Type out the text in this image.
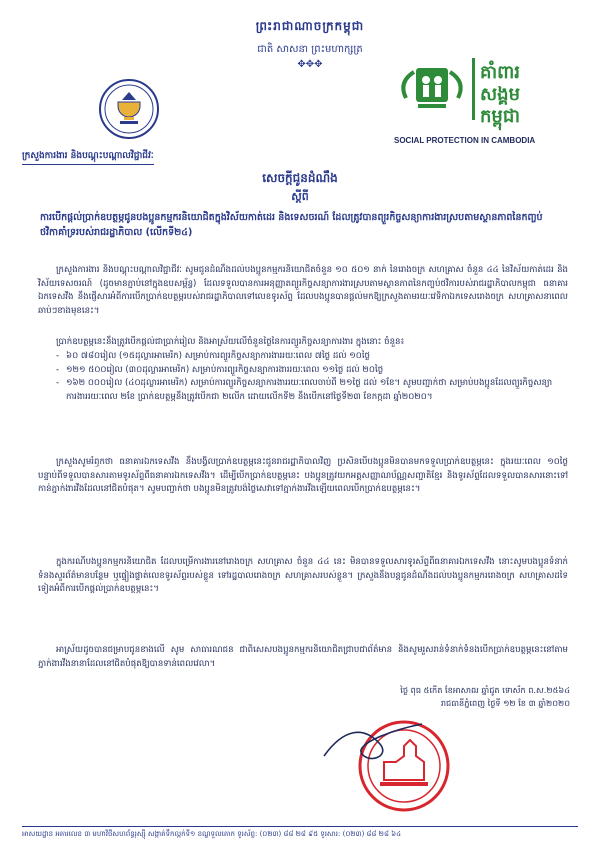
ព្រះរាជាណាចក្រកម្ពុជា
ជាតិ សាសនា ព្រះមហាក្សត្រ
✥✥✥
ក្រសួងការងារ និងបណ្តុះបណ្តាលវិជ្ជាជីវៈ
គាំពារ
សង្គម
កម្ពុជា
SOCIAL PROTECTION IN CAMBODIA
សេចក្តីជូនដំណឹង
ស្តីពី
ការបើកផ្តល់ប្រាក់ឧបត្ថម្ភជូនបងប្អូនកម្មករនិយោជិតក្នុងវិស័យកាត់ដេរ និងទេសចរណ៍ ដែលត្រូវបានព្យួរកិច្ចសន្យាការងារស្របតាមស្ថានភាពនៃកញ្ចប់ថវិកាគាំទ្ររបស់រាជរដ្ឋាភិបាល (លើកទី២៤)
ក្រសួងការងារ និងបណ្តុះបណ្តាលវិជ្ជាជីវៈ សូមជូនដំណឹងដល់បងប្អូនកម្មករនិយោជិតចំនួន ១០ ៥០១ នាក់ នៃរោងចក្រ សហគ្រាស ចំនួន ៤៤ នៃវិស័យកាត់ដេរ និងវិស័យទេសចរណ៍ (ដូចមានភ្ជាប់នៅក្នុងឧបសម្ព័ន្ធ) ដែលទទួលបានការអនុញ្ញាតព្យួរកិច្ចសន្យាការងារស្របតាមស្ថានភាពនៃកញ្ចប់ថវិការបស់រាជរដ្ឋាភិបាលកម្ពុជា ធនាគារឯកទេសវីង នឹងផ្ញើសារអំពីការបើកប្រាក់ឧបត្ថម្ភរបស់រាជរដ្ឋាភិបាលទៅលេខទូរស័ព្ទ ដែលបងប្អូនបានផ្តល់មកឱ្យក្រសួងតាមរយៈវេទិកាឯកទេសរោងចក្រ សហគ្រាសនាពេលឆាប់ៗខាងមុខនេះ។
ប្រាក់ឧបត្ថម្ភនេះនឹងត្រូវបើកផ្តល់ជាប្រាក់រៀល និងអាស្រ័យលើចំនួនថ្ងៃនៃការព្យួរកិច្ចសន្យាការងារ ក្នុងនោះ ចំនួន៖
- ៦០ ៧៨០រៀល (១៥ដុល្លារអាមេរិក) សម្រាប់ការព្យួរកិច្ចសន្យាការងាររយៈពេល ៧ថ្ងៃ ដល់ ១០ថ្ងៃ
- ១២១ ៥០០រៀល (៣០ដុល្លារអាមេរិក) សម្រាប់ការព្យួរកិច្ចសន្យាការងាររយៈពេល ១១ថ្ងៃ ដល់ ២០ថ្ងៃ
- ១៦២ ០០០រៀល (៤០ដុល្លារអាមេរិក) សម្រាប់ការព្យួរកិច្ចសន្យាការងាររយៈពេលចាប់ពី ២១ថ្ងៃ ដល់ ១ខែ។ សូមបញ្ជាក់ថា សម្រាប់បងប្អូនដែលព្យួរកិច្ចសន្យាការងាររយៈពេល ២ខែ ប្រាក់ឧបត្ថម្ភនឹងត្រូវបើកជា ២លើក ដោយលើកទី២ នឹងបើកនៅថ្ងៃទី២៣ ខែកក្កដា ឆ្នាំ២០២០។
ក្រសួងសូមរំឭកថា ធនាគារឯកទេសវីង នឹងបង្វិលប្រាក់ឧបត្ថម្ភនេះជូនរាជរដ្ឋាភិបាលវិញ ប្រសិនបើបងប្អូនមិនបានមកទទួលប្រាក់ឧបត្ថម្ភនេះ ក្នុងរយៈពេល ១០ថ្ងៃ បន្ទាប់ពីទទួលបានសារតាមទូរស័ព្ទពីធនាគារឯកទេសវីង។ ដើម្បីបើកប្រាក់ឧបត្ថម្ភនេះ បងប្អូនត្រូវយកអត្តសញ្ញាណប័ណ្ណសញ្ជាតិខ្មែរ និងទូរស័ព្ទដែលទទួលបានសារនោះទៅកាន់ភ្នាក់ងារវីងដែលនៅជិតបំផុត។ សូមបញ្ជាក់ថា បងប្អូនមិនត្រូវបង់ថ្លៃសេវាទៅភ្នាក់ងារវីងឡើយពេលបើកប្រាក់ឧបត្ថម្ភនេះ។
ក្នុងករណីបងប្អូនកម្មករនិយោជិត ដែលបម្រើការងារនៅរោងចក្រ សហគ្រាស ចំនួន ៤៤ នេះ មិនបានទទួលសារទូរស័ព្ទពីធនាគារឯកទេសវីង នោះសូមបងប្អូនទំនាក់ទំនងសួរព័ត៌មានបន្ថែម ឬផ្ទៀងផ្ទាត់លេខទូរស័ព្ទរបស់ខ្លួន ទៅរដ្ឋបាលរោងចក្រ សហគ្រាសរបស់ខ្លួន។ ក្រសួងនឹងបន្តជូនដំណឹងដល់បងប្អូនកម្មកររោងចក្រ សហគ្រាសដទៃទៀតអំពីការបើកផ្តល់ប្រាក់ឧបត្ថម្ភនេះ។
អាស្រ័យដូចបានជម្រាបជូនខាងលើ សូម សាធារណជន ជាពិសេសបងប្អូនកម្មករនិយោជិតជ្រាបជាព័ត៌មាន និងសូមរួសរាន់ទំនាក់ទំនងបើកប្រាក់ឧបត្ថម្ភនេះនៅតាមភ្នាក់ងារវីងនានាដែលនៅជិតបំផុតឱ្យបានទាន់ពេលវេលា។
ថ្ងៃ ពុធ ៥កើត ខែអាសាឍ ឆ្នាំជូត ទោស័ក ព.ស.២៥៦៤
រាជធានីភ្នំពេញ ថ្ងៃទី ១២ ខែ ៣ ឆ្នាំ២០២០
អាសយដ្ឋាន អគារលេខ ៣ មហាវិថីសហព័ន្ធរុស្ស៊ី សង្កាត់ទឹកល្អក់ទី១ ខណ្ឌទួលគោក ទូរស័ព្ទ: (០២៣) ៨៨ ២៨ ៩៥ ទូរសារ: (០២៣) ៨៨ ២៨ ៦៤
